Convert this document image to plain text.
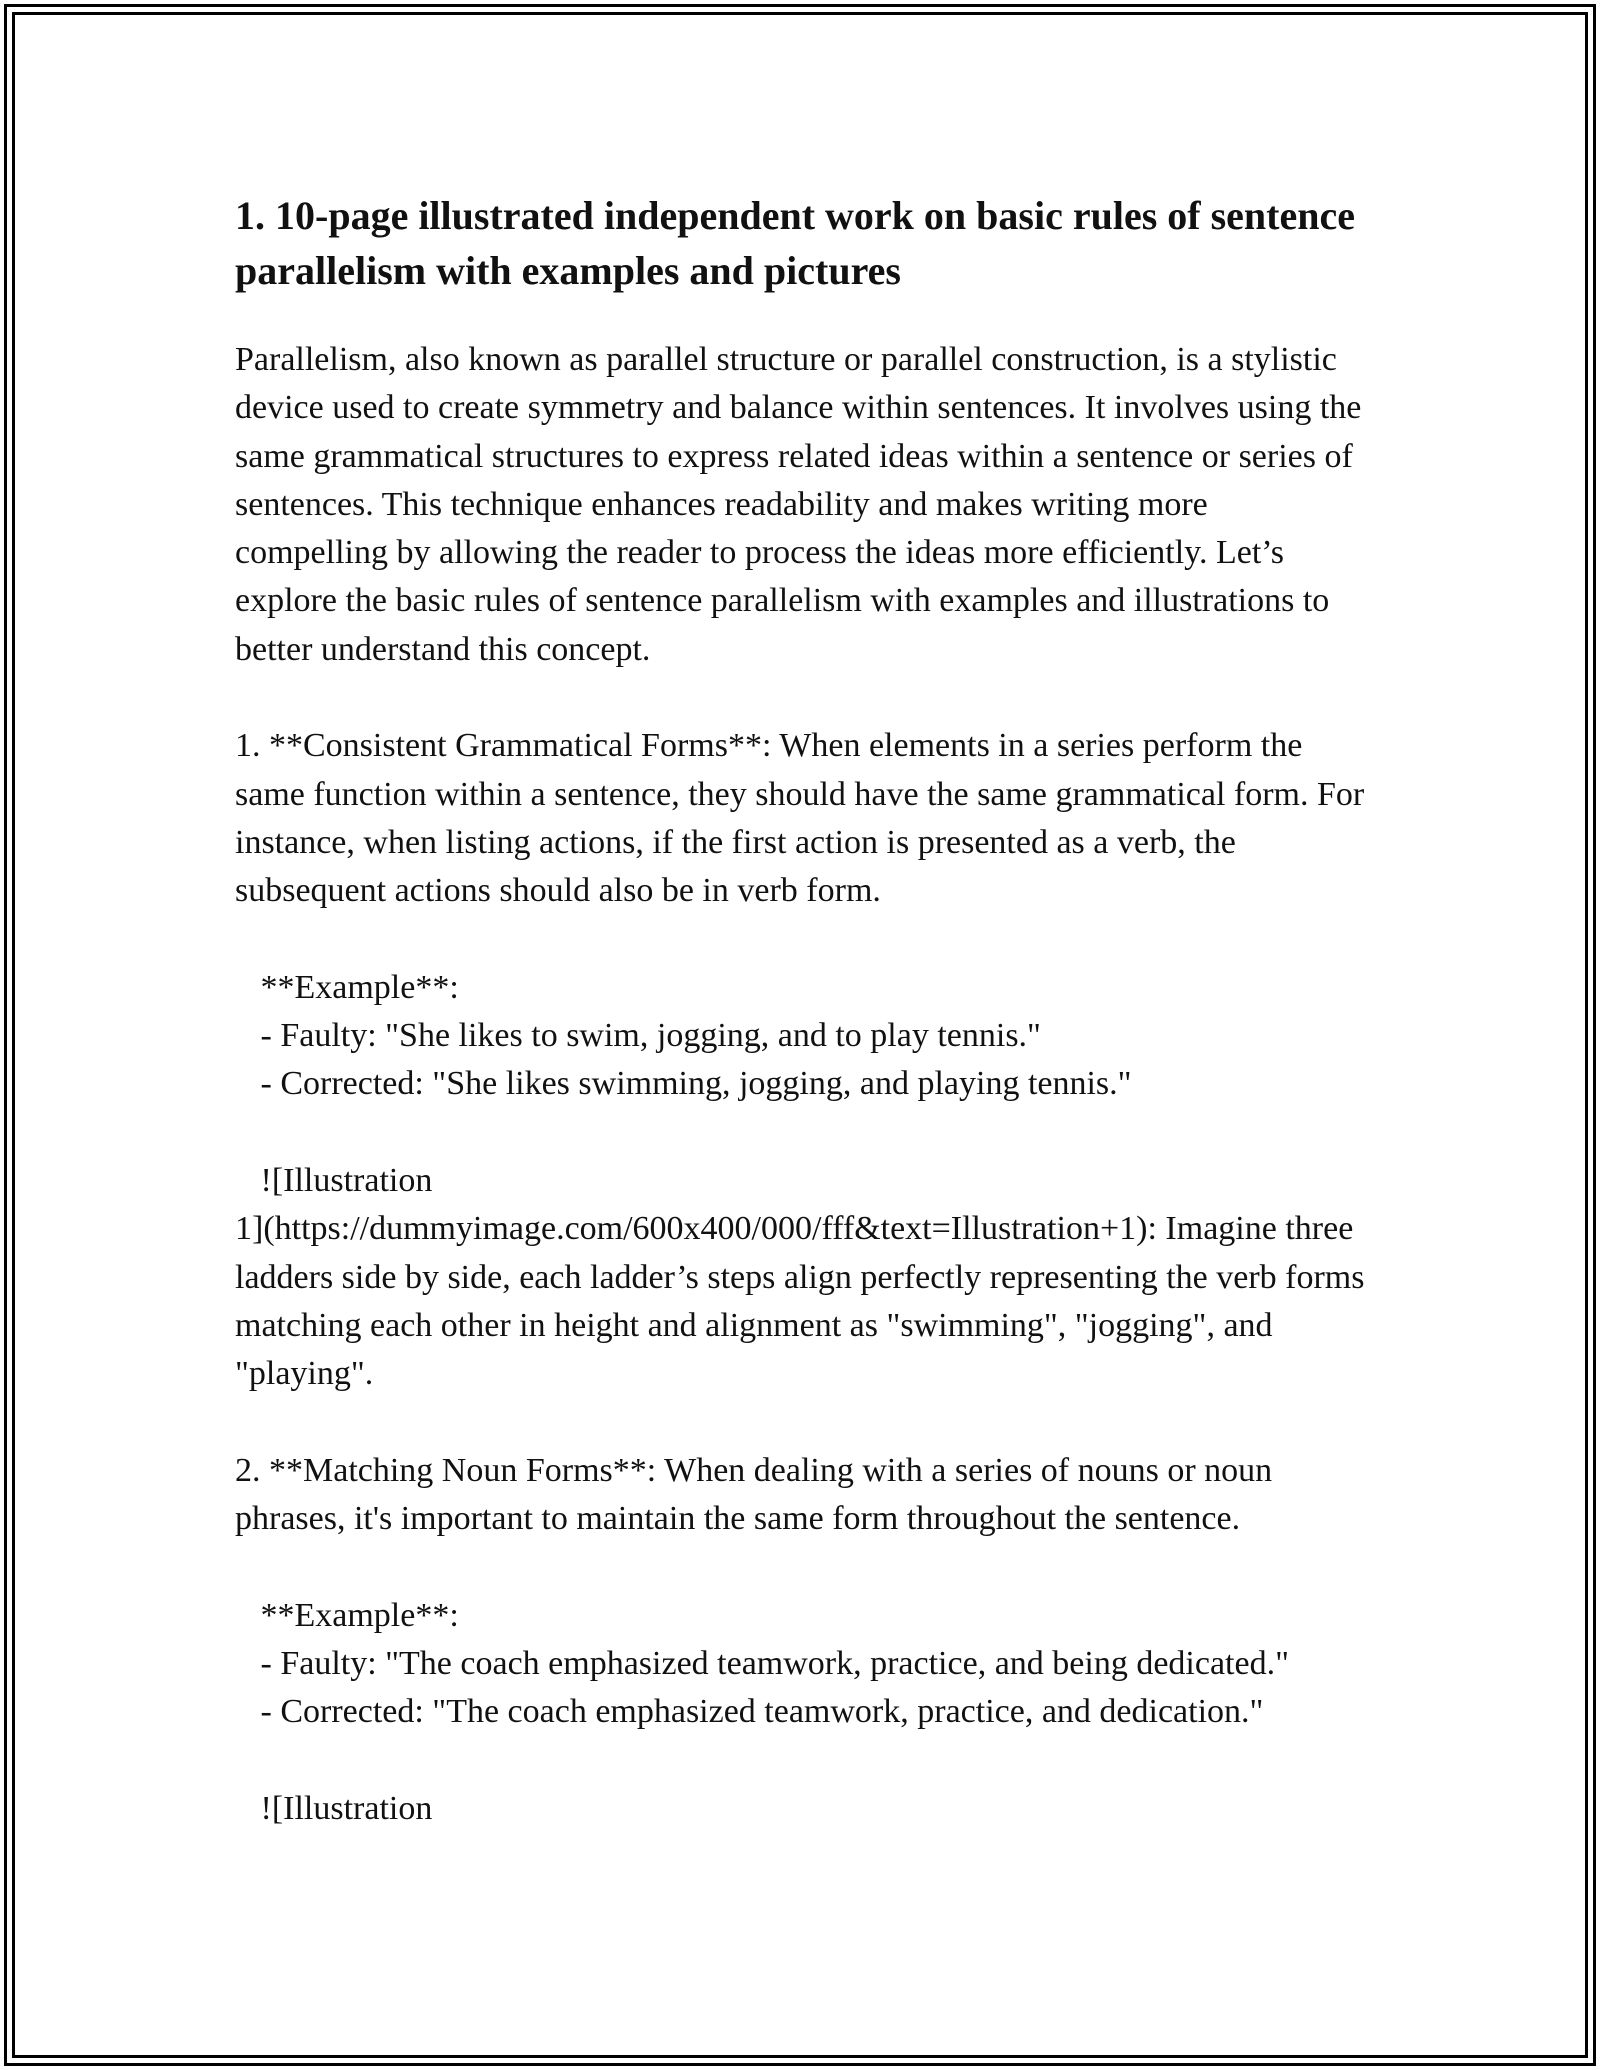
1. 10-page illustrated independent work on basic rules of sentence parallelism with examples and pictures

Parallelism, also known as parallel structure or parallel construction, is a stylistic device used to create symmetry and balance within sentences. It involves using the same grammatical structures to express related ideas within a sentence or series of sentences. This technique enhances readability and makes writing more compelling by allowing the reader to process the ideas more efficiently. Let’s explore the basic rules of sentence parallelism with examples and illustrations to better understand this concept.

1. **Consistent Grammatical Forms**: When elements in a series perform the same function within a sentence, they should have the same grammatical form. For instance, when listing actions, if the first action is presented as a verb, the subsequent actions should also be in verb form.

**Example**:

- Faulty: "She likes to swim, jogging, and to play tennis."

- Corrected: "She likes swimming, jogging, and playing tennis."

![Illustration

1](https://dummyimage.com/600x400/000/fff&text=Illustration+1): Imagine three ladders side by side, each ladder’s steps align perfectly representing the verb forms matching each other in height and alignment as "swimming", "jogging", and "playing".

2. **Matching Noun Forms**: When dealing with a series of nouns or noun phrases, it's important to maintain the same form throughout the sentence.

**Example**:

- Faulty: "The coach emphasized teamwork, practice, and being dedicated."

- Corrected: "The coach emphasized teamwork, practice, and dedication."

![Illustration
